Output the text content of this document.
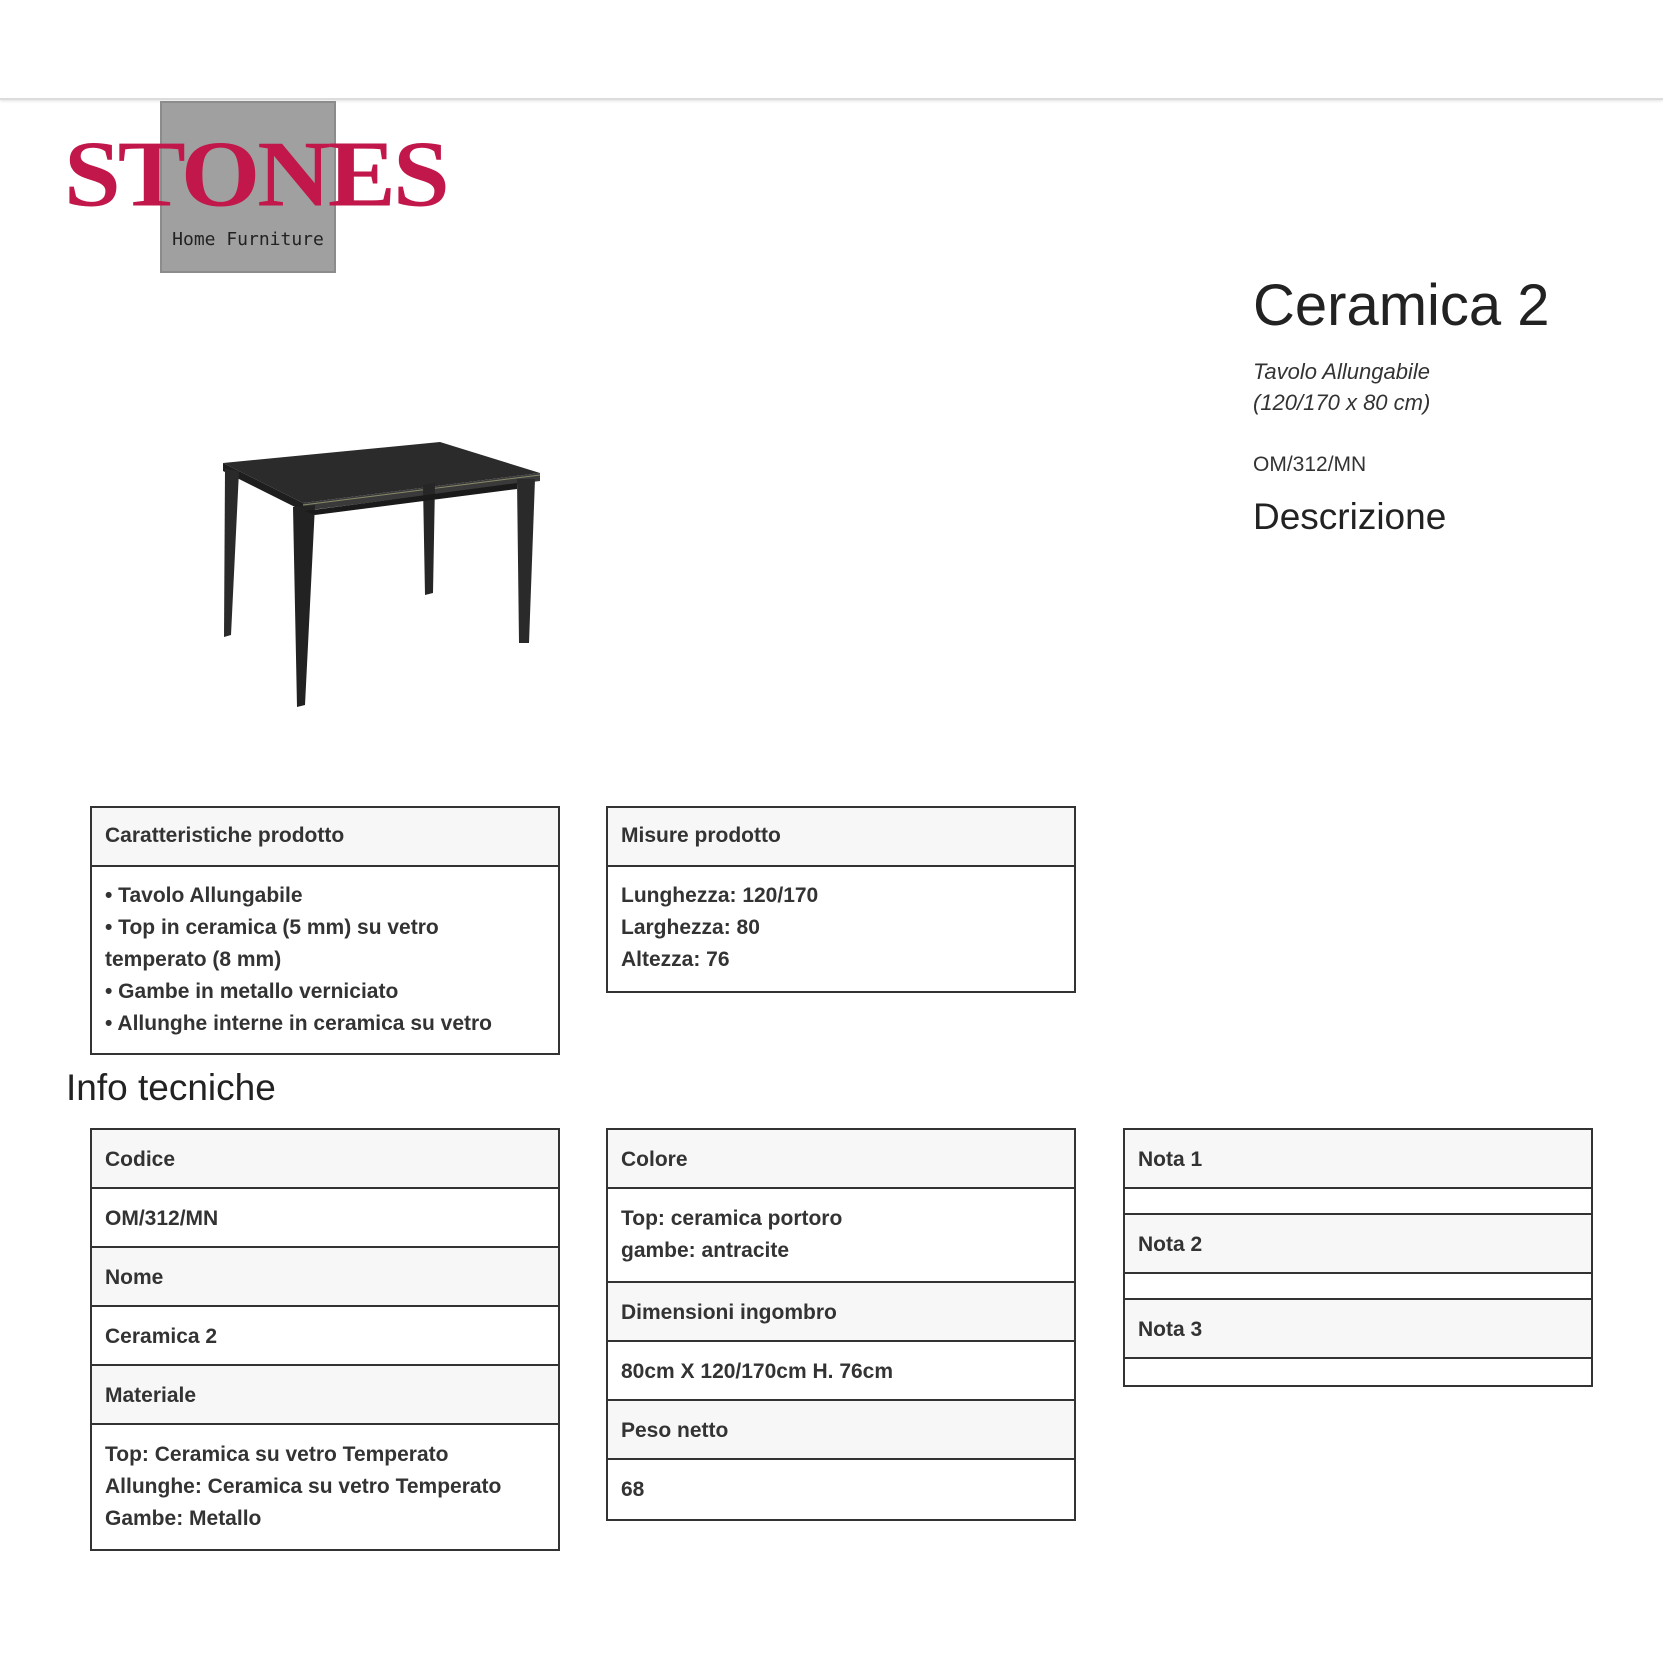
STONES
Home Furniture
Ceramica 2
Tavolo Allungabile
(120/170 x 80 cm)
OM/312/MN
Descrizione
Caratteristiche prodotto
• Tavolo Allungabile
• Top in ceramica (5 mm) su vetro temperato (8 mm)
• Gambe in metallo verniciato
• Allunghe interne in ceramica su vetro
Misure prodotto
Lunghezza: 120/170
Larghezza: 80
Altezza: 76
Info tecniche
Codice
OM/312/MN
Nome
Ceramica 2
Materiale
Top: Ceramica su vetro Temperato
Allunghe: Ceramica su vetro Temperato
Gambe: Metallo
Colore
Top: ceramica portoro
gambe: antracite
Dimensioni ingombro
80cm X 120/170cm H. 76cm
Peso netto
68
Nota 1
Nota 2
Nota 3
